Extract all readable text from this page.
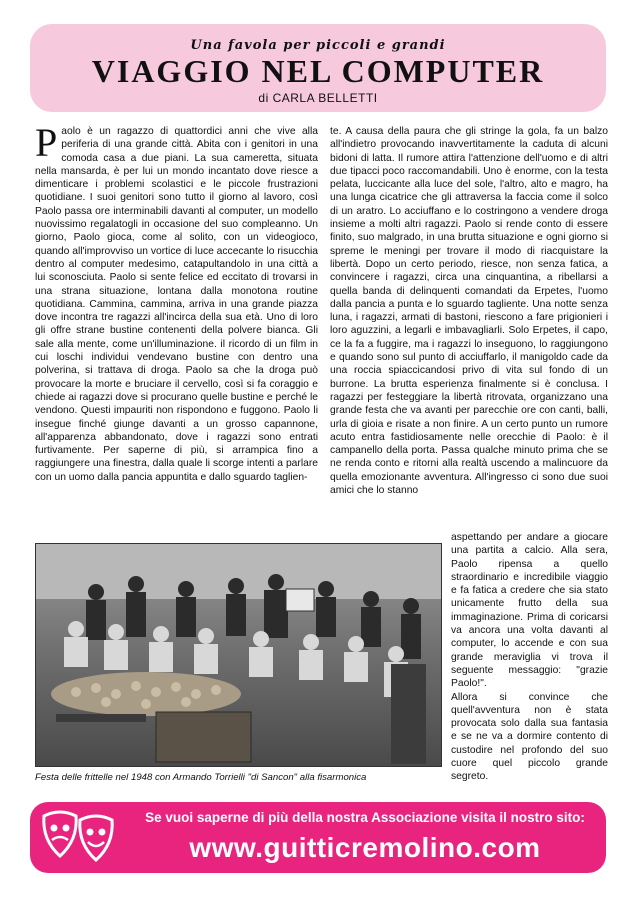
Una favola per piccoli e grandi
VIAGGIO NEL COMPUTER
di CARLA BELLETTI

Paolo è un ragazzo di quattordici anni che vive alla periferia di una grande città. Abita con i genitori in una comoda casa a due piani. La sua cameretta, situata nella mansarda, è per lui un mondo incantato dove riesce a dimenticare i problemi scolastici e le piccole frustrazioni quotidiane. I suoi genitori sono tutto il giorno al lavoro, così Paolo passa ore interminabili davanti al computer, un modello nuovissimo regalatogli in occasione del suo compleanno. Un giorno, Paolo gioca, come al solito, con un videogioco, quando all'improvviso un vortice di luce accecante lo risucchia dentro al computer medesimo, catapultandolo in una città a lui sconosciuta. Paolo si sente felice ed eccitato di trovarsi in una strana situazione, lontana dalla monotona routine quotidiana. Cammina, cammina, arriva in una grande piazza dove incontra tre ragazzi all'incirca della sua età. Uno di loro gli offre strane bustine contenenti della polvere bianca. Gli sale alla mente, come un'illuminazione. il ricordo di un film in cui loschi individui vendevano bustine con dentro una polverina, si trattava di droga. Paolo sa che la droga può provocare la morte e bruciare il cervello, così si fa coraggio e chiede ai ragazzi dove si procurano quelle bustine e perché le vendono. Questi impauriti non rispondono e fuggono. Paolo li insegue finché giunge davanti a un grosso capannone, all'apparenza abbandonato, dove i ragazzi sono entrati furtivamente. Per saperne di più, si arrampica fino a raggiungere una finestra, dalla quale li scorge intenti a parlare con un uomo dalla pancia appuntita e dallo sguardo taglien-

te. A causa della paura che gli stringe la gola, fa un balzo all'indietro provocando inavvertitamente la caduta di alcuni bidoni di latta. Il rumore attira l'attenzione dell'uomo e di altri due tipacci poco raccomandabili. Uno è enorme, con la testa pelata, luccicante alla luce del sole, l'altro, alto e magro, ha una lunga cicatrice che gli attraversa la faccia come il solco di un aratro. Lo acciuffano e lo costringono a vendere droga insieme a molti altri ragazzi. Paolo si rende conto di essere finito, suo malgrado, in una brutta situazione e ogni giorno si spreme le meningi per trovare il modo di riacquistare la libertà. Dopo un certo periodo, riesce, non senza fatica, a convincere i ragazzi, circa una cinquantina, a ribellarsi a quella banda di delinquenti comandati da Erpetes, l'uomo dalla pancia a punta e lo sguardo tagliente. Una notte senza luna, i ragazzi, armati di bastoni, riescono a fare prigionieri i loro aguzzini, a legarli e imbavagliarli. Solo Erpetes, il capo, ce la fa a fuggire, ma i ragazzi lo inseguono, lo raggiungono e quando sono sul punto di acciuffarlo, il manigoldo cade da una roccia spiaccicandosi privo di vita sul fondo di un burrone. La brutta esperienza finalmente si è conclusa. I ragazzi per festeggiare la libertà ritrovata, organizzano una grande festa che va avanti per parecchie ore con canti, balli, urla di gioia e risate a non finire. A un certo punto un rumore acuto entra fastidiosamente nelle orecchie di Paolo: è il campanello della porta. Passa qualche minuto prima che se ne renda conto e ritorni alla realtà uscendo a malincuore da quella emozionante avventura. All'ingresso ci sono due suoi amici che lo stanno

aspettando per andare a giocare una partita a calcio. Alla sera, Paolo ripensa a quello straordinario e incredibile viaggio e fa fatica a credere che sia stato unicamente frutto della sua immaginazione. Prima di coricarsi va ancora una volta davanti al computer, lo accende e con sua grande meraviglia vi trova il seguente messaggio: "grazie Paolo!".

Allora si convince che quell'avventura non è stata provocata solo dalla sua fantasia e se ne va a dormire contento di custodire nel profondo del suo cuore quel piccolo grande segreto.

Festa delle frittelle nel 1948 con Armando Torrielli "di Sancon" alla fisarmonica
Se vuoi saperne di più della nostra Associazione visita il nostro sito:
www.guitticremolino.com
